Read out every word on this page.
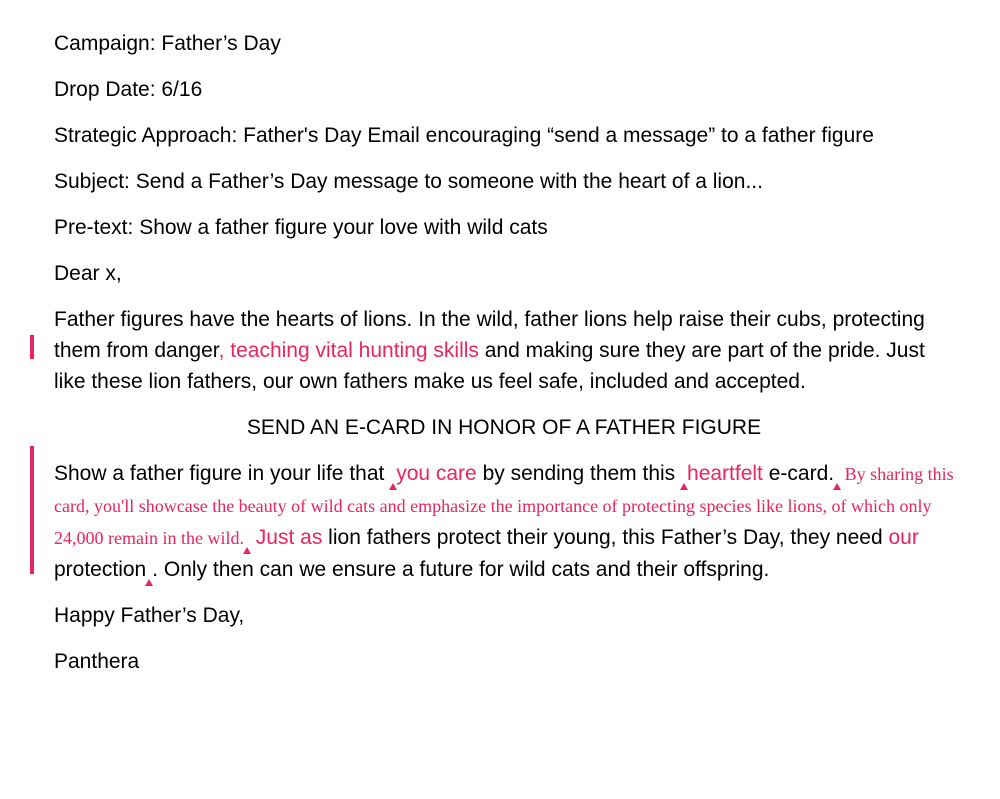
Campaign: Father’s Day

Drop Date: 6/16

Strategic Approach: Father's Day Email encouraging “send a message” to a father figure

Subject: Send a Father’s Day message to someone with the heart of a lion...

Pre-text: Show a father figure your love with wild cats

Dear x,

Father figures have the hearts of lions. In the wild, father lions help raise their cubs, protecting them from danger, teaching vital hunting skills and making sure they are part of the pride. Just like these lion fathers, our own fathers make us feel safe, included and accepted.

SEND AN E-CARD IN HONOR OF A FATHER FIGURE

Show a father figure in your life that you care by sending them this heartfelt e-card. By sharing this card, you'll showcase the beauty of wild cats and emphasize the importance of protecting species like lions, of which only 24,000 remain in the wild. Just as lion fathers protect their young, this Father’s Day, they need our protection . Only then can we ensure a future for wild cats and their offspring.

Happy Father’s Day,

Panthera
